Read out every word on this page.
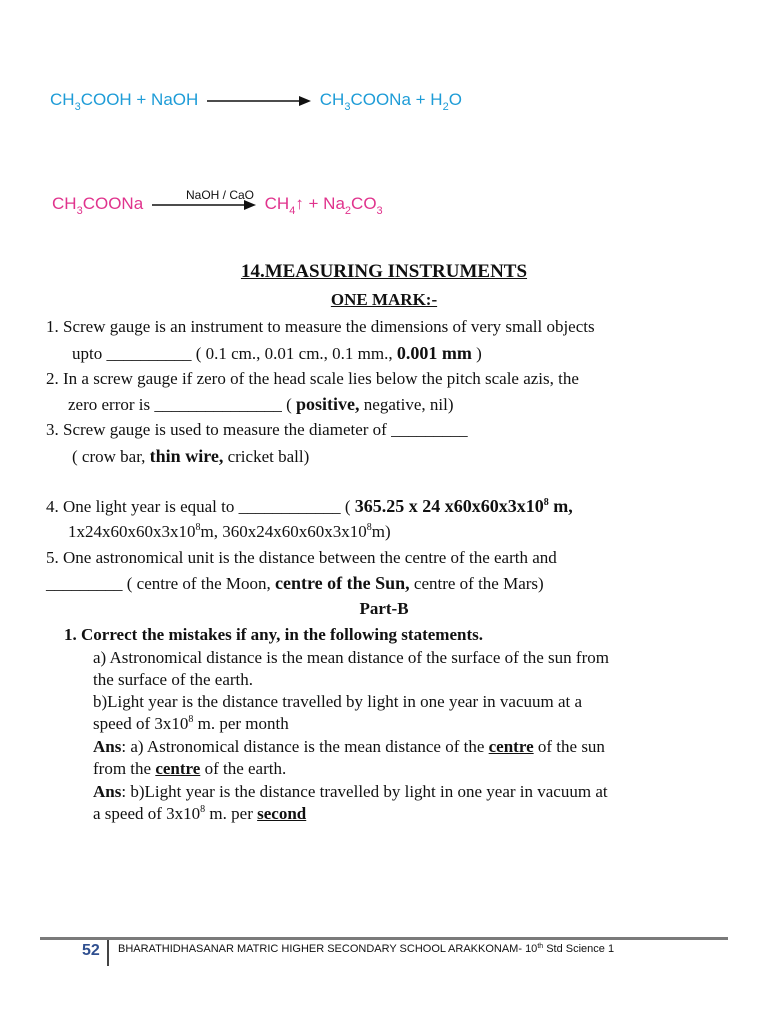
$CH_3COOH$ + NaOH	$CH_3COONa + H_2O$
NaOH / CaO
$CH_3COONa$	$CH_4↑ + Na_2CO_3$
14.MEASURING INSTRUMENTS
ONE MARK:-
1. Screw gauge is an instrument to measure the dimensions of very small objects
upto __________ ( 0.1 cm., 0.01 cm., 0.1 mm., 0.001 mm )
2. In a screw gauge if zero of the head scale lies below the pitch scale azis, the
zero error is _______________ ( positive, negative, nil)
3. Screw gauge is used to measure the diameter of _________
( crow bar, thin wire, cricket ball)
4. One light year is equal to ____________ ( 365.25 x 24 $x60x60x3x10^8$ m,
$1x24x60x60x3x10^8m$, $360x24x60x60x3x10^8m$)
5. One astronomical unit is the distance between the centre of the earth and
_________ ( centre of the Moon, centre of the Sun, centre of the Mars)
Part-B
1. Correct the mistakes if any, in the following statements.
a) Astronomical distance is the mean distance of the surface of the sun from
the surface of the earth.
b)Light year is the distance travelled by light in one year in vacuum at a
speed of $3x10^8$ m. per month
Ans: a) Astronomical distance is the mean distance of the centre of the sun
from the centre of the earth.
Ans: b)Light year is the distance travelled by light in one year in vacuum at
a speed of $3x10^8$ m. per second
52 BHARATHIDHASANAR MATRIC HIGHER SECONDARY SCHOOL ARAKKONAM- 10th Std Science 1
